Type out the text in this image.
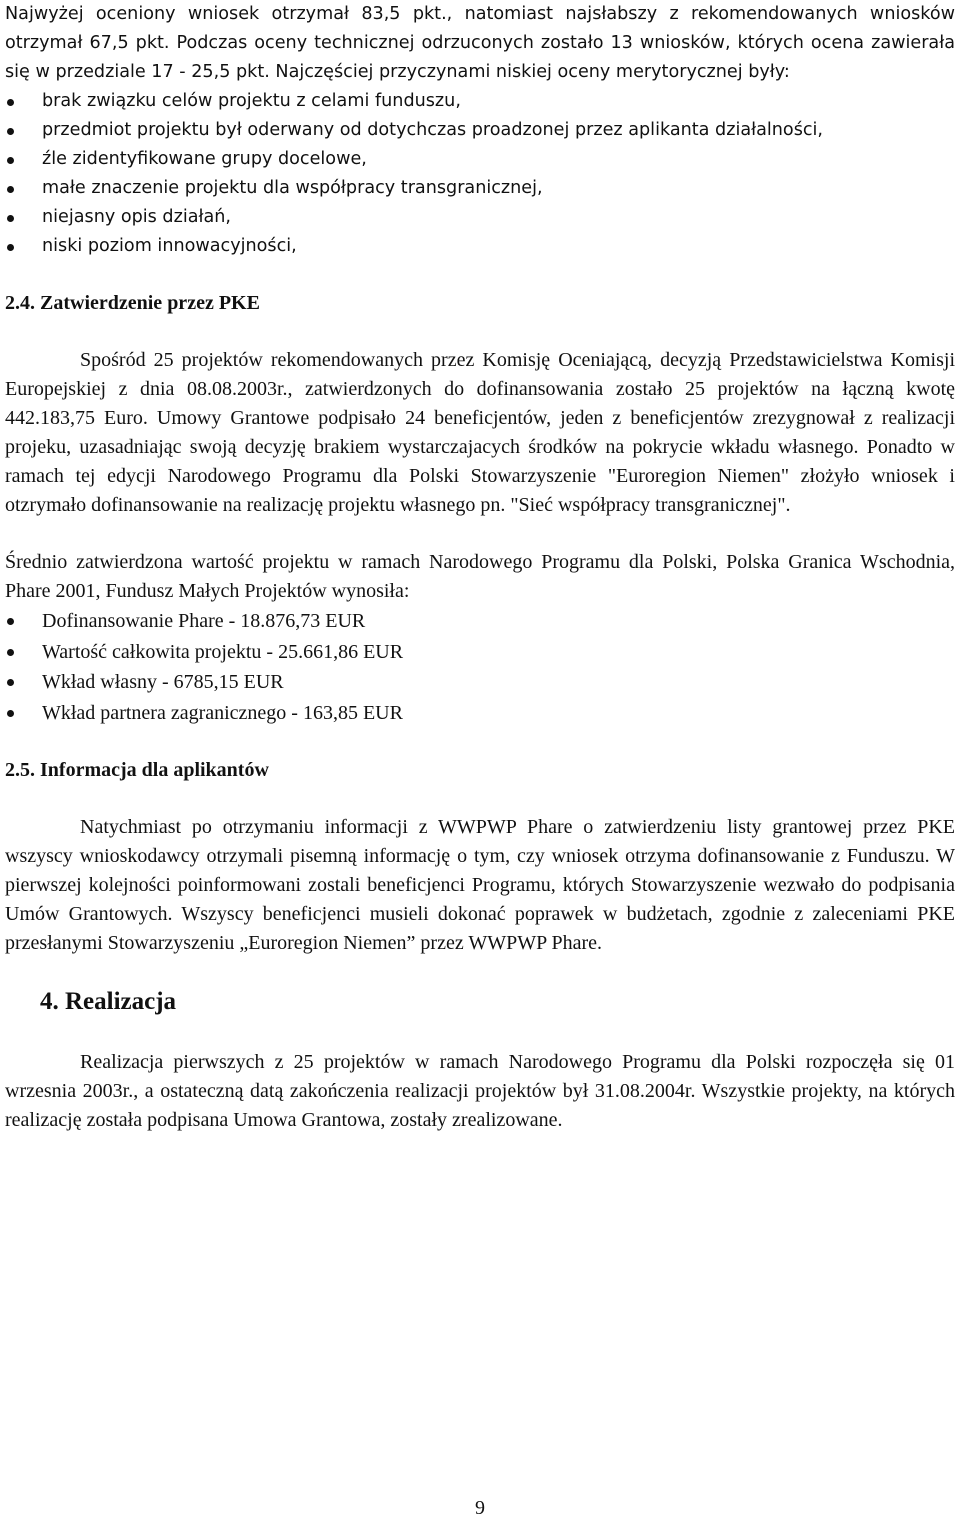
Najwyżej oceniony wniosek otrzymał 83,5 pkt., natomiast najsłabszy z rekomendowanych wniosków otrzymał 67,5 pkt. Podczas oceny technicznej odrzuconych zostało 13 wniosków, których ocena zawierała się w przedziale 17 - 25,5 pkt. Najczęściej przyczynami niskiej oceny merytorycznej były:

brak związku celów projektu z celami funduszu,
przedmiot projektu był oderwany od dotychczas proadzonej przez aplikanta działalności,
źle zidentyfikowane grupy docelowe,
małe znaczenie projektu dla współpracy transgranicznej,
niejasny opis działań,
niski poziom innowacyjności,

2.4. Zatwierdzenie przez PKE

Spośród 25 projektów rekomendowanych przez Komisję Oceniającą, decyzją Przedstawicielstwa Komisji Europejskiej z dnia 08.08.2003r., zatwierdzonych do dofinansowania zostało 25 projektów na łączną kwotę 442.183,75 Euro. Umowy Grantowe podpisało 24 beneficjentów, jeden z beneficjentów zrezygnował z realizacji projeku, uzasadniając swoją decyzję brakiem wystarczajacych środków na pokrycie wkładu własnego. Ponadto w ramach tej edycji Narodowego Programu dla Polski Stowarzyszenie "Euroregion Niemen" złożyło wniosek i otzrymało dofinansowanie na realizację projektu własnego pn. "Sieć współpracy transgranicznej".

Średnio zatwierdzona wartość projektu w ramach Narodowego Programu dla Polski, Polska Granica Wschodnia, Phare 2001, Fundusz Małych Projektów wynosiła:

Dofinansowanie Phare - 18.876,73 EUR
Wartość całkowita projektu - 25.661,86 EUR
Wkład własny - 6785,15 EUR
Wkład partnera zagranicznego - 163,85 EUR

2.5. Informacja dla aplikantów

Natychmiast po otrzymaniu informacji z WWPWP Phare o zatwierdzeniu listy grantowej przez PKE wszyscy wnioskodawcy otrzymali pisemną informację o tym, czy wniosek otrzyma dofinansowanie z Funduszu. W pierwszej kolejności poinformowani zostali beneficjenci Programu, których Stowarzyszenie wezwało do podpisania Umów Grantowych. Wszyscy beneficjenci musieli dokonać poprawek w budżetach, zgodnie z zaleceniami PKE przesłanymi Stowarzyszeniu „Euroregion Niemen” przez WWPWP Phare.

4. Realizacja

Realizacja pierwszych z 25 projektów w ramach Narodowego Programu dla Polski rozpoczęła się 01 wrzesnia 2003r., a ostateczną datą zakończenia realizacji projektów był 31.08.2004r. Wszystkie projekty, na których realizację została podpisana Umowa Grantowa, zostały zrealizowane.

9
